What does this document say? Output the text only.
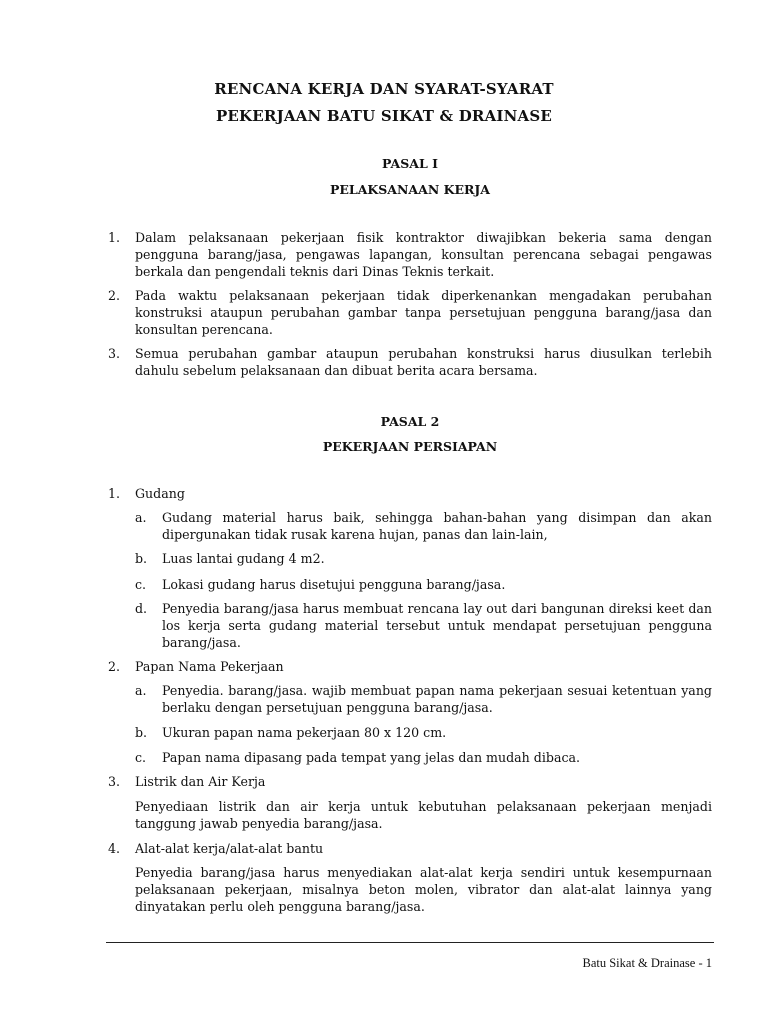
RENCANA KERJA DAN SYARAT-SYARAT
PEKERJAAN BATU SIKAT & DRAINASE
PASAL I
PELAKSANAAN KERJA
1. Dalam pelaksanaan pekerjaan fisik kontraktor diwajibkan bekeria sama dengan pengguna barang/jasa, pengawas lapangan, konsultan perencana sebagai pengawas berkala dan pengendali teknis dari Dinas Teknis terkait.
2. Pada waktu pelaksanaan pekerjaan tidak diperkenankan mengadakan perubahan konstruksi ataupun perubahan gambar tanpa persetujuan pengguna barang/jasa dan konsultan perencana.
3. Semua perubahan gambar ataupun perubahan konstruksi harus diusulkan terlebih dahulu sebelum pelaksanaan dan dibuat berita acara bersama.
PASAL 2
PEKERJAAN PERSIAPAN
1. Gudang
a. Gudang material harus baik, sehingga bahan-bahan yang disimpan dan akan dipergunakan tidak rusak karena hujan, panas dan lain-lain,
b. Luas lantai gudang 4 m2.
c. Lokasi gudang harus disetujui pengguna barang/jasa.
d. Penyedia barang/jasa harus membuat rencana lay out dari bangunan direksi keet dan los kerja serta gudang material tersebut untuk mendapat persetujuan pengguna barang/jasa.
2. Papan Nama Pekerjaan
a. Penyedia. barang/jasa. wajib membuat papan nama pekerjaan sesuai ketentuan yang berlaku dengan persetujuan pengguna barang/jasa.
b. Ukuran papan nama pekerjaan 80 x 120 cm.
c. Papan nama dipasang pada tempat yang jelas dan mudah dibaca.
3. Listrik dan Air Kerja
Penyediaan listrik dan air kerja untuk kebutuhan pelaksanaan pekerjaan menjadi tanggung jawab penyedia barang/jasa.
4. Alat-alat kerja/alat-alat bantu
Penyedia barang/jasa harus menyediakan alat-alat kerja sendiri untuk kesempurnaan pelaksanaan pekerjaan, misalnya beton molen, vibrator dan alat-alat lainnya yang dinyatakan perlu oleh pengguna barang/jasa.
Batu Sikat & Drainase - 1
